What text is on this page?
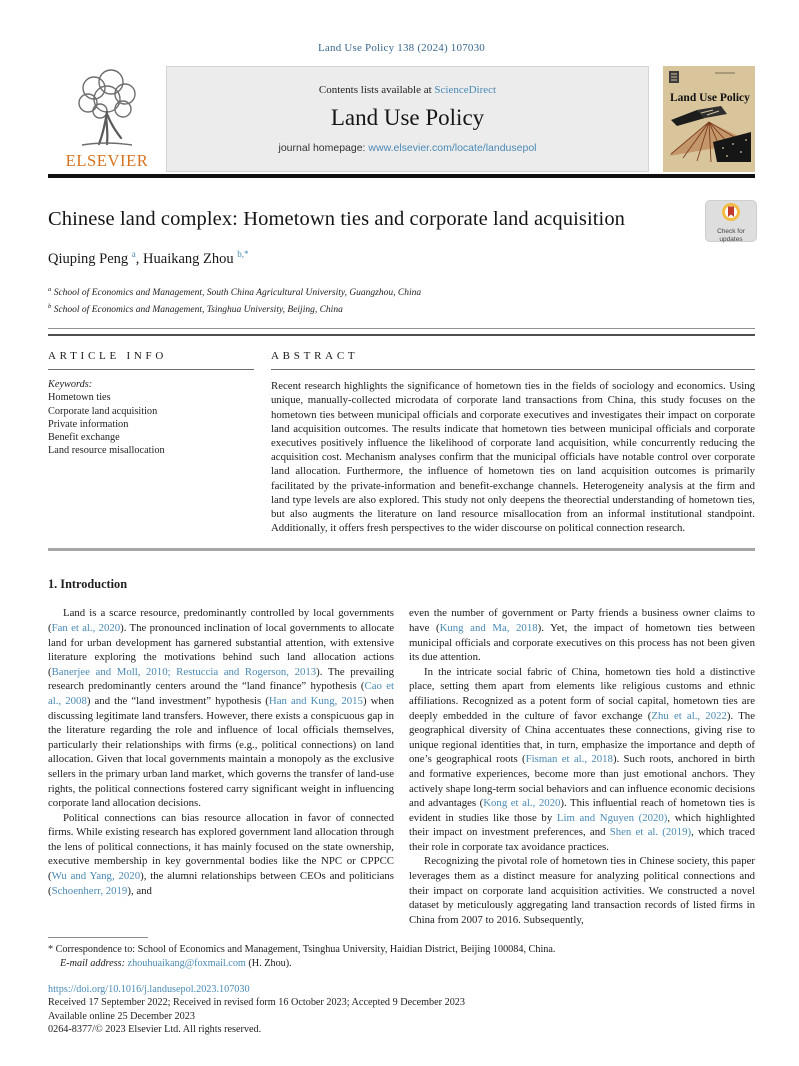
Land Use Policy 138 (2024) 107030
ELSEVIER
Contents lists available at ScienceDirect
Land Use Policy
journal homepage: www.elsevier.com/locate/landusepol
Land Use Policy
Chinese land complex: Hometown ties and corporate land acquisition
Check for
updates
Qiuping Peng $^a$, Huaikang Zhou $^{b,*}$
$^a$ School of Economics and Management, South China Agricultural University, Guangzhou, China
$^b$ School of Economics and Management, Tsinghua University, Beijing, China
ARTICLE INFO
Keywords:
Hometown ties
Corporate land acquisition
Private information
Benefit exchange
Land resource misallocation
ABSTRACT
Recent research highlights the significance of hometown ties in the fields of sociology and economics. Using unique, manually-collected microdata of corporate land transactions from China, this study focuses on the hometown ties between municipal officials and corporate executives and investigates their impact on corporate land acquisition outcomes. The results indicate that hometown ties between municipal officials and corporate executives positively influence the likelihood of corporate land acquisition, while concurrently reducing the acquisition cost. Mechanism analyses confirm that the municipal officials have notable control over corporate land allocation. Furthermore, the influence of hometown ties on land acquisition outcomes is primarily facilitated by the private-information and benefit-exchange channels. Heterogeneity analysis at the firm and land type levels are also explored. This study not only deepens the theorectial understanding of hometown ties, but also augments the literature on land resource misallocation from an informal institutional standpoint. Additionally, it offers fresh perspectives to the wider discourse on political connection research.
1. Introduction

Land is a scarce resource, predominantly controlled by local governments (Fan et al., 2020). The pronounced inclination of local governments to allocate land for urban development has garnered substantial attention, with extensive literature exploring the motivations behind such land allocation actions (Banerjee and Moll, 2010; Restuccia and Rogerson, 2013). The prevailing research predominantly centers around the “land finance” hypothesis (Cao et al., 2008) and the “land investment” hypothesis (Han and Kung, 2015) when discussing legitimate land transfers. However, there exists a conspicuous gap in the literature regarding the role and influence of local officials themselves, particularly their relationships with firms (e.g., political connections) on land allocation. Given that local governments maintain a monopoly as the exclusive sellers in the primary urban land market, which governs the transfer of land-use rights, the political connections fostered carry significant weight in influencing corporate land allocation decisions.

Political connections can bias resource allocation in favor of connected firms. While existing research has explored government land allocation through the lens of political connections, it has mainly focused on the state ownership, executive membership in key governmental bodies like the NPC or CPPCC (Wu and Yang, 2020), the alumni relationships between CEOs and politicians (Schoenherr, 2019), and

even the number of government or Party friends a business owner claims to have (Kung and Ma, 2018). Yet, the impact of hometown ties between municipal officials and corporate executives on this process has not been given its due attention.

In the intricate social fabric of China, hometown ties hold a distinctive place, setting them apart from elements like religious customs and ethnic affiliations. Recognized as a potent form of social capital, hometown ties are deeply embedded in the culture of favor exchange (Zhu et al., 2022). The geographical diversity of China accentuates these connections, giving rise to unique regional identities that, in turn, emphasize the importance and depth of one’s geographical roots (Fisman et al., 2018). Such roots, anchored in birth and formative experiences, become more than just emotional anchors. They actively shape long-term social behaviors and can influence economic decisions and advantages (Kong et al., 2020). This influential reach of hometown ties is evident in studies like those by Lim and Nguyen (2020), which highlighted their impact on investment preferences, and Shen et al. (2019), which traced their role in corporate tax avoidance practices.

Recognizing the pivotal role of hometown ties in Chinese society, this paper leverages them as a distinct measure for analyzing political connections and their impact on corporate land acquisition activities. We constructed a novel dataset by meticulously aggregating land transaction records of listed firms in China from 2007 to 2016. Subsequently,

* Correspondence to: School of Economics and Management, Tsinghua University, Haidian District, Beijing 100084, China.
E-mail address: zhouhuaikang@foxmail.com (H. Zhou).
https://doi.org/10.1016/j.landusepol.2023.107030
Received 17 September 2022; Received in revised form 16 October 2023; Accepted 9 December 2023
Available online 25 December 2023
0264-8377/© 2023 Elsevier Ltd. All rights reserved.
